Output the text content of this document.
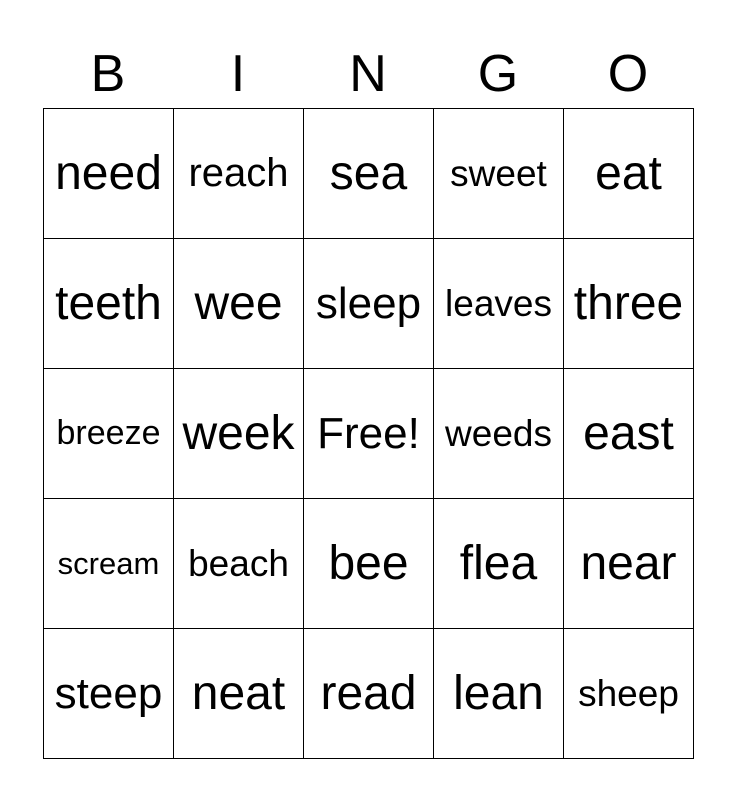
B	I	N	G	O
need reach sea sweet eat
teeth wee sleep leaves three
breeze week Free! weeds east
scream beach bee flea near
steep neat read lean sheep
